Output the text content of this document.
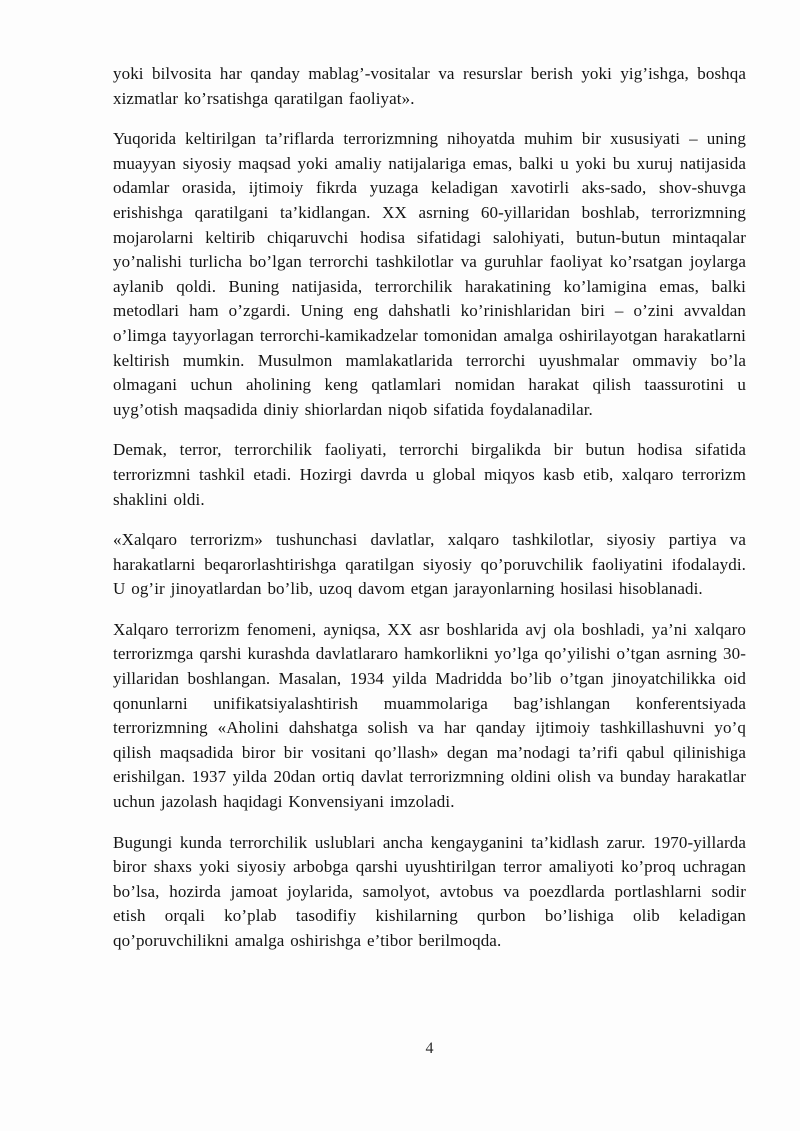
yoki bilvosita har qanday mablag’-vositalar va resurslar berish yoki yig’ishga, boshqa xizmatlar ko’rsatishga qaratilgan faoliyat».

Yuqorida keltirilgan ta’riflarda terrorizmning nihoyatda muhim bir xususiyati – uning muayyan siyosiy maqsad yoki amaliy natijalariga emas, balki u yoki bu xuruj natijasida odamlar orasida, ijtimoiy fikrda yuzaga keladigan xavotirli aks-sado, shov-shuvga erishishga qaratilgani ta’kidlangan. XX asrning 60-yillaridan boshlab, terrorizmning mojarolarni keltirib chiqaruvchi hodisa sifatidagi salohiyati, butun-butun mintaqalar yo’nalishi turlicha bo’lgan terrorchi tashkilotlar va guruhlar faoliyat ko’rsatgan joylarga aylanib qoldi. Buning natijasida, terrorchilik harakatining ko’lamigina emas, balki metodlari ham o’zgardi. Uning eng dahshatli ko’rinishlaridan biri – o’zini avvaldan o’limga tayyorlagan terrorchi-kamikadzelar tomonidan amalga oshirilayotgan harakatlarni keltirish mumkin. Musulmon mamlakatlarida terrorchi uyushmalar ommaviy bo’la olmagani uchun aholining keng qatlamlari nomidan harakat qilish taassurotini u uyg’otish maqsadida diniy shiorlardan niqob sifatida foydalanadilar.

Demak, terror, terrorchilik faoliyati, terrorchi birgalikda bir butun hodisa sifatida terrorizmni tashkil etadi. Hozirgi davrda u global miqyos kasb etib, xalqaro terrorizm shaklini oldi.

«Xalqaro terrorizm» tushunchasi davlatlar, xalqaro tashkilotlar, siyosiy partiya va harakatlarni beqarorlashtirishga qaratilgan siyosiy qo’poruvchilik faoliyatini ifodalaydi. U og’ir jinoyatlardan bo’lib, uzoq davom etgan jarayonlarning hosilasi hisoblanadi.

Xalqaro terrorizm fenomeni, ayniqsa, XX asr boshlarida avj ola boshladi, ya’ni xalqaro terrorizmga qarshi kurashda davlatlararo hamkorlikni yo’lga qo’yilishi o’tgan asrning 30-yillaridan boshlangan. Masalan, 1934 yilda Madridda bo’lib o’tgan jinoyatchilikka oid qonunlarni unifikatsiyalashtirish muammolariga bag’ishlangan konferentsiyada terrorizmning «Aholini dahshatga solish va har qanday ijtimoiy tashkillashuvni yo’q qilish maqsadida biror bir vositani qo’llash» degan ma’nodagi ta’rifi qabul qilinishiga erishilgan. 1937 yilda 20dan ortiq davlat terrorizmning oldini olish va bunday harakatlar uchun jazolash haqidagi Konvensiyani imzoladi.

Bugungi kunda terrorchilik uslublari ancha kengayganini ta’kidlash zarur. 1970-yillarda biror shaxs yoki siyosiy arbobga qarshi uyushtirilgan terror amaliyoti ko’proq uchragan bo’lsa, hozirda jamoat joylarida, samolyot, avtobus va poezdlarda portlashlarni sodir etish orqali ko’plab tasodifiy kishilarning qurbon bo’lishiga olib keladigan qo’poruvchilikni amalga oshirishga e’tibor berilmoqda.

4
